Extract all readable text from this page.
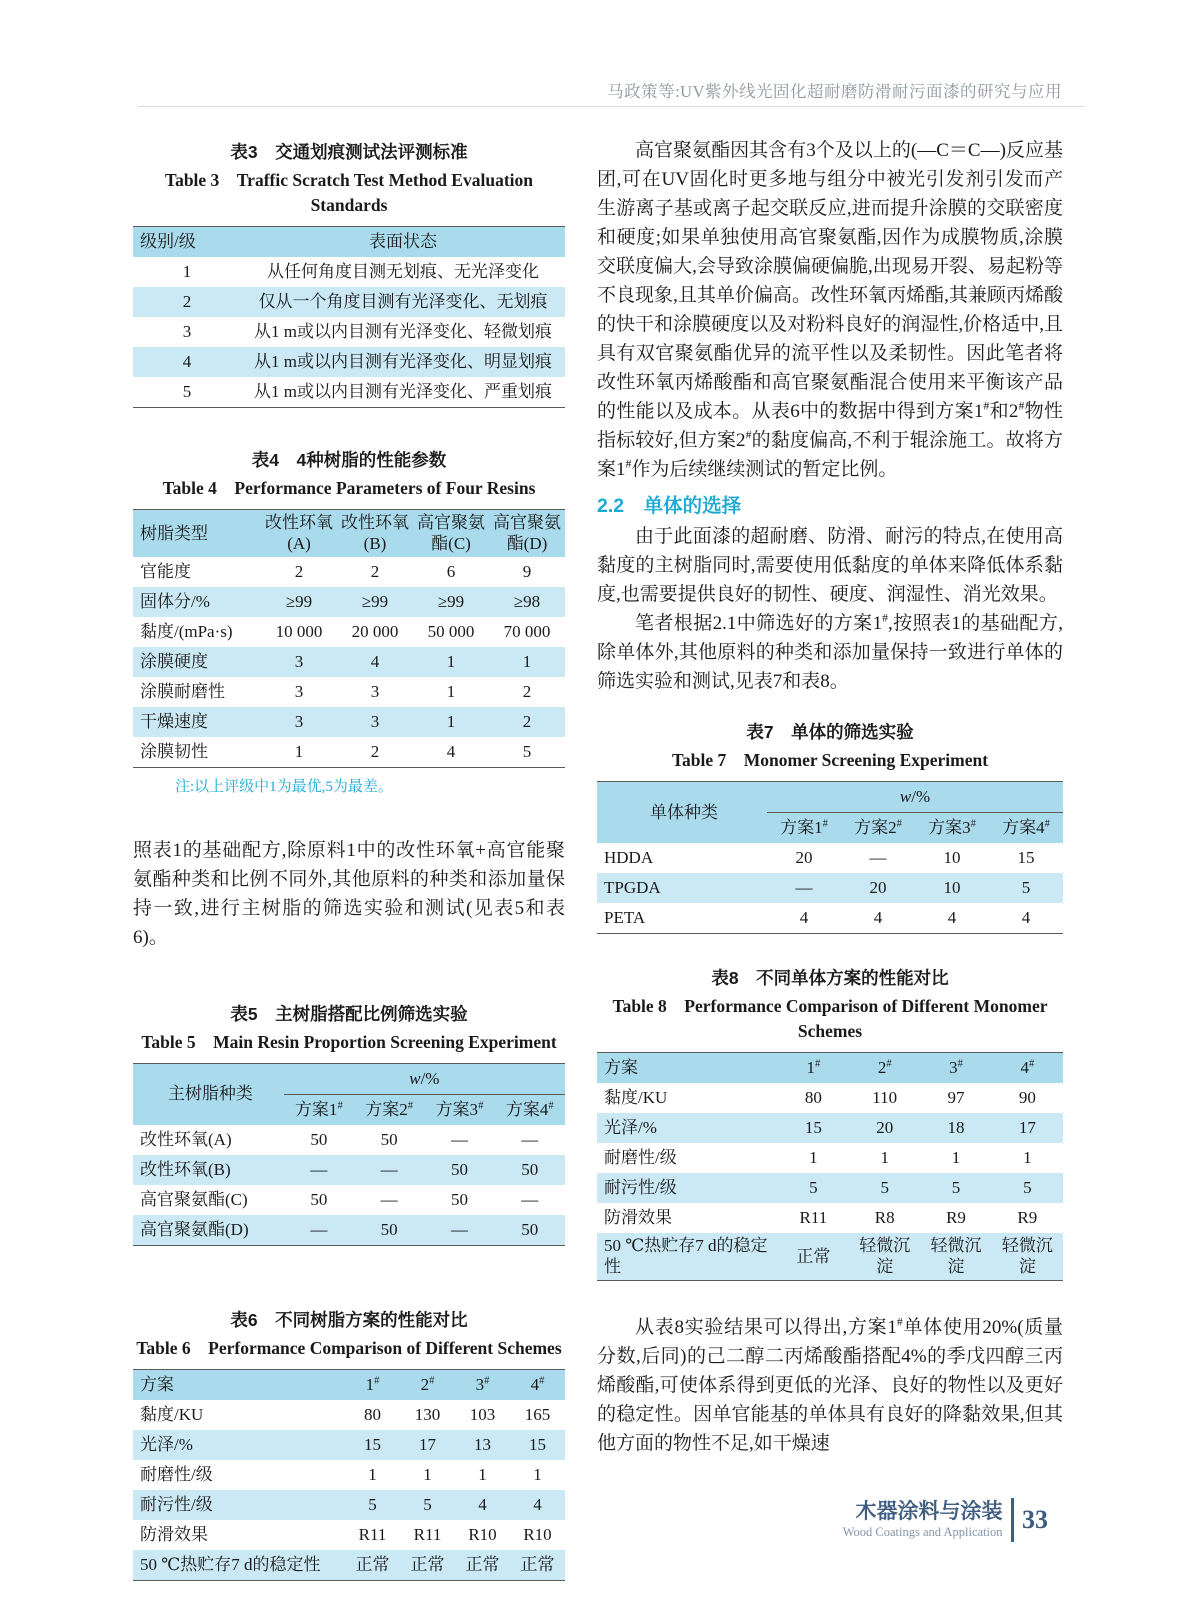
马政策等:UV紫外线光固化超耐磨防滑耐污面漆的研究与应用
表3　交通划痕测试法评测标准
Table 3　Traffic Scratch Test Method Evaluation Standards
级别/级	表面状态
1	从任何角度目测无划痕、无光泽变化
2	仅从一个角度目测有光泽变化、无划痕
3	从1 m或以内目测有光泽变化、轻微划痕
4	从1 m或以内目测有光泽变化、明显划痕
5	从1 m或以内目测有光泽变化、严重划痕
表4　4种树脂的性能参数
Table 4　Performance Parameters of Four Resins
树脂类型	改性环氧(A)	改性环氧(B)	高官聚氨酯(C)	高官聚氨酯(D)
官能度	2	2	6	9
固体分/%	≥99	≥99	≥99	≥98
黏度/(mPa·s)	10 000	20 000	50 000	70 000
涂膜硬度	3	4	1	1
涂膜耐磨性	3	3	1	2
干燥速度	3	3	1	2
涂膜韧性	1	2	4	5
注:以上评级中1为最优,5为最差。
照表1的基础配方,除原料1中的改性环氧+高官能聚氨酯种类和比例不同外,其他原料的种类和添加量保持一致,进行主树脂的筛选实验和测试(见表5和表6)。
表5　主树脂搭配比例筛选实验
Table 5　Main Resin Proportion Screening Experiment
主树脂种类	w/%			
	方案1#	方案2#	方案3#	方案4#
改性环氧(A)	50	50	—	—
改性环氧(B)	—	—	50	50
高官聚氨酯(C)	50	—	50	—
高官聚氨酯(D)	—	50	—	50
表6　不同树脂方案的性能对比
Table 6　Performance Comparison of Different Schemes
方案	1#	2#	3#	4#
黏度/KU	80	130	103	165
光泽/%	15	17	13	15
耐磨性/级	1	1	1	1
耐污性/级	5	5	4	4
防滑效果	R11	R11	R10	R10
50 ℃热贮存7 d的稳定性	正常	正常	正常	正常
高官聚氨酯因其含有3个及以上的(—C＝C—)反应基团,可在UV固化时更多地与组分中被光引发剂引发而产生游离子基或离子起交联反应,进而提升涂膜的交联密度和硬度;如果单独使用高官聚氨酯,因作为成膜物质,涂膜交联度偏大,会导致涂膜偏硬偏脆,出现易开裂、易起粉等不良现象,且其单价偏高。改性环氧丙烯酯,其兼顾丙烯酸的快干和涂膜硬度以及对粉料良好的润湿性,价格适中,且具有双官聚氨酯优异的流平性以及柔韧性。因此笔者将改性环氧丙烯酸酯和高官聚氨酯混合使用来平衡该产品的性能以及成本。从表6中的数据中得到方案1#和2#物性指标较好,但方案2#的黏度偏高,不利于辊涂施工。故将方案1#作为后续继续测试的暂定比例。
2.2　单体的选择
由于此面漆的超耐磨、防滑、耐污的特点,在使用高黏度的主树脂同时,需要使用低黏度的单体来降低体系黏度,也需要提供良好的韧性、硬度、润湿性、消光效果。
笔者根据2.1中筛选好的方案1#,按照表1的基础配方,除单体外,其他原料的种类和添加量保持一致进行单体的筛选实验和测试,见表7和表8。
表7　单体的筛选实验
Table 7　Monomer Screening Experiment
单体种类	w/%			
	方案1#	方案2#	方案3#	方案4#
HDDA	20	—	10	15
TPGDA	—	20	10	5
PETA	4	4	4	4
表8　不同单体方案的性能对比
Table 8　Performance Comparison of Different Monomer Schemes
方案	1#	2#	3#	4#
黏度/KU	80	110	97	90
光泽/%	15	20	18	17
耐磨性/级	1	1	1	1
耐污性/级	5	5	5	5
防滑效果	R11	R8	R9	R9
50 ℃热贮存7 d的稳定性	正常	轻微沉淀	轻微沉淀	轻微沉淀
从表8实验结果可以得出,方案1#单体使用20%(质量分数,后同)的己二醇二丙烯酸酯搭配4%的季戊四醇三丙烯酸酯,可使体系得到更低的光泽、良好的物性以及更好的稳定性。因单官能基的单体具有良好的降黏效果,但其他方面的物性不足,如干燥速
木器涂料与涂装
Wood Coatings and Application 33
